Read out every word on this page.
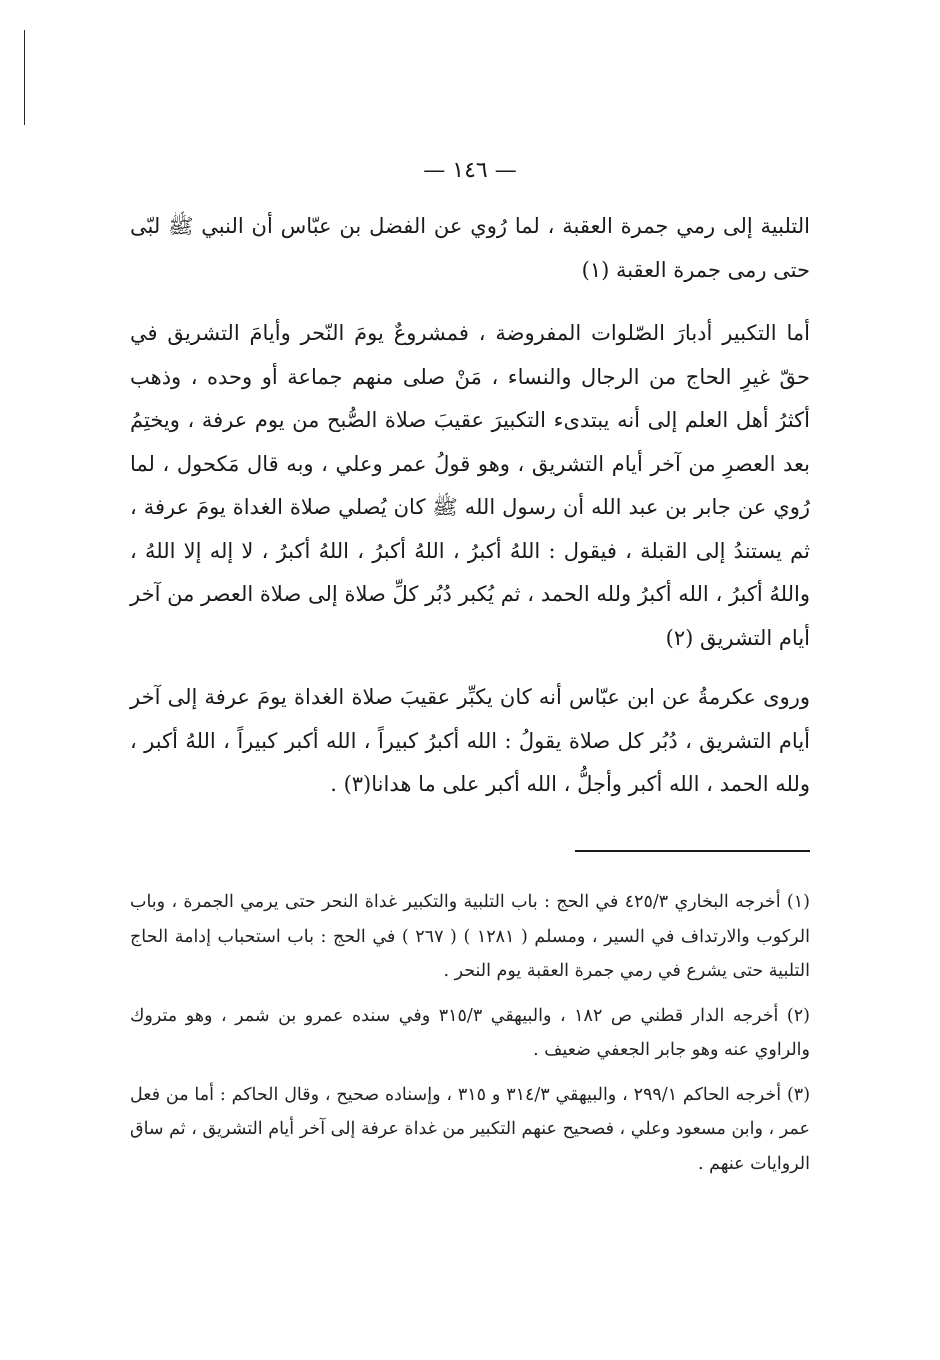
— ١٤٦ —

التلبية إلى رمي جمرة العقبة ، لما رُوي عن الفضل بن عبّاس أن النبي ﷺ لبّى حتى رمى جمرة العقبة (١)

أما التكبير أدبارَ الصّلوات المفروضة ، فمشروعٌ يومَ النّحر وأيامَ التشريق في حقّ غيرِ الحاج من الرجال والنساء ، مَنْ صلى منهم جماعة أو وحده ، وذهب أكثرُ أهل العلم إلى أنه يبتدىء التكبيرَ عقيبَ صلاة الصُّبح من يوم عرفة ، ويختِمُ بعد العصرِ من آخر أيام التشريق ، وهو قولُ عمر وعلي ، وبه قال مَكحول ، لما رُوي عن جابر بن عبد الله أن رسول الله ﷺ كان يُصلي صلاة الغداة يومَ عرفة ، ثم يستندُ إلى القبلة ، فيقول : اللهُ أكبرُ ، اللهُ أكبرُ ، اللهُ أكبرُ ، لا إله إلا اللهُ ، واللهُ أكبرُ ، الله أكبرُ ولله الحمد ، ثم يُكبر دُبُر كلِّ صلاة إلى صلاة العصر من آخر أيام التشريق (٢)

وروى عكرمةُ عن ابن عبّاس أنه كان يكبِّر عقيبَ صلاة الغداة يومَ عرفة إلى آخر أيام التشريق ، دُبُر كل صلاة يقولُ : الله أكبرُ كبيراً ، الله أكبر كبيراً ، اللهُ أكبر ، ولله الحمد ، الله أكبر وأجلُّ ، الله أكبر على ما هدانا(٣) .

(١) أخرجه البخاري ٤٢٥/٣ في الحج : باب التلبية والتكبير غداة النحر حتى يرمي الجمرة ، وباب الركوب والارتداف في السير ، ومسلم ( ١٢٨١ ) ( ٢٦٧ ) في الحج : باب استحباب إدامة الحاج التلبية حتى يشرع في رمي جمرة العقبة يوم النحر .

(٢) أخرجه الدار قطني ص ١٨٢ ، والبيهقي ٣١٥/٣ وفي سنده عمرو بن شمر ، وهو متروك والراوي عنه وهو جابر الجعفي ضعيف .

(٣) أخرجه الحاكم ٢٩٩/١ ، والبيهقي ٣١٤/٣ و ٣١٥ ، وإسناده صحيح ، وقال الحاكم : أما من فعل عمر ، وابن مسعود وعلي ، فصحيح عنهم التكبير من غداة عرفة إلى آخر أيام التشريق ، ثم ساق الروايات عنهم .
